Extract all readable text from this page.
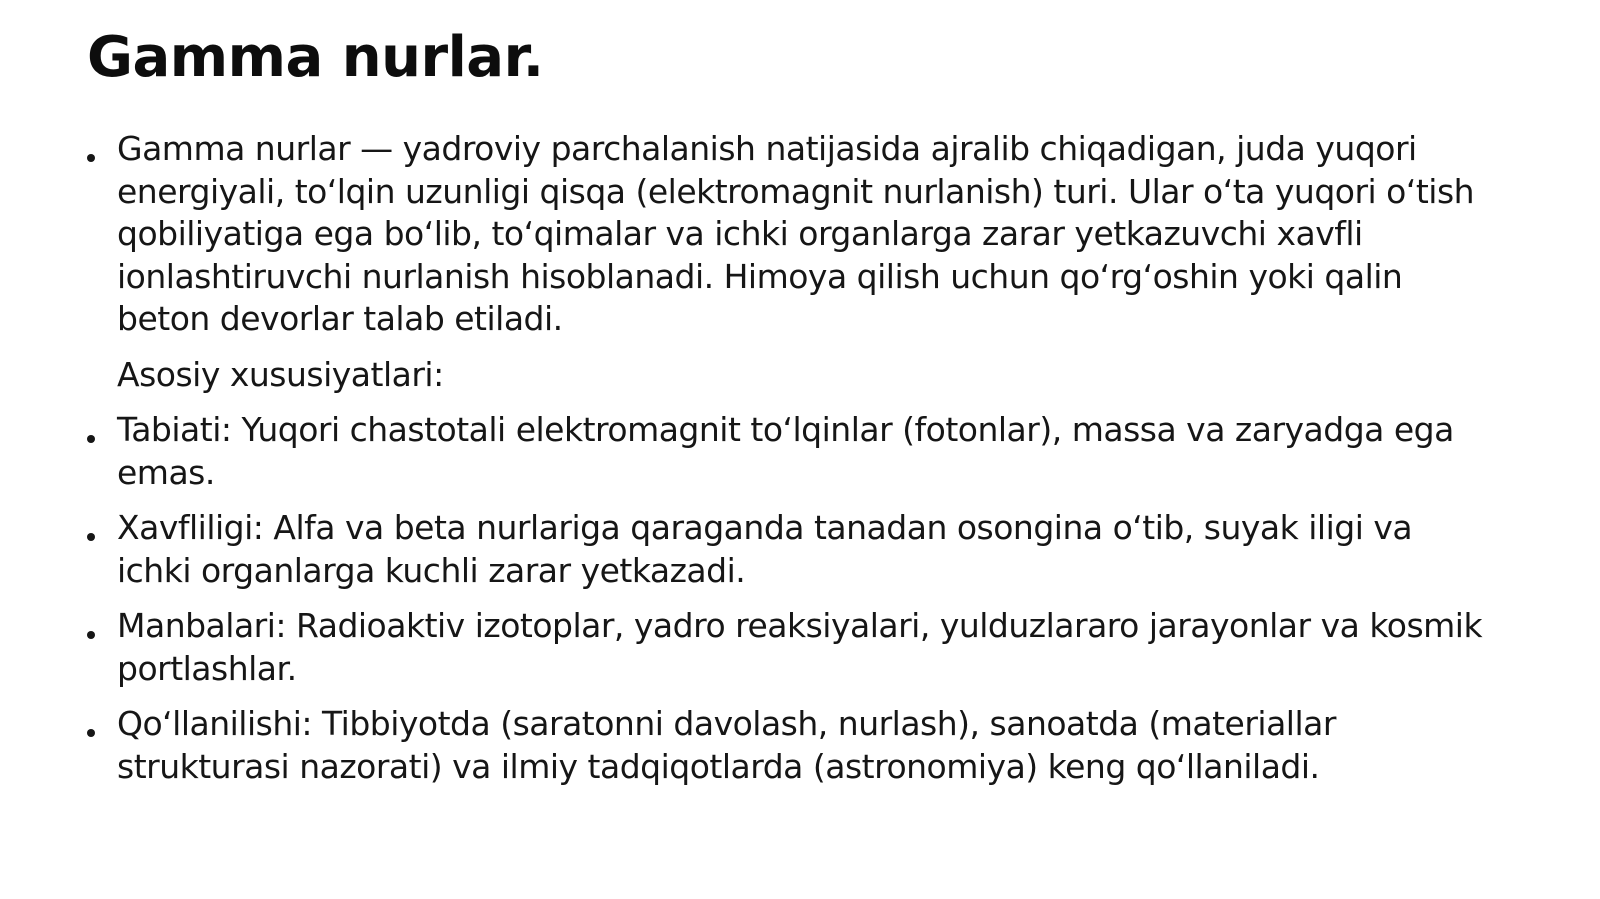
Gamma nurlar.
Gamma nurlar — yadroviy parchalanish natijasida ajralib chiqadigan, juda yuqori energiyali, toʻlqin uzunligi qisqa (elektromagnit nurlanish) turi. Ular oʻta yuqori oʻtish qobiliyatiga ega boʻlib, toʻqimalar va ichki organlarga zarar yetkazuvchi xavfli ionlashtiruvchi nurlanish hisoblanadi. Himoya qilish uchun qoʻrgʻoshin yoki qalin beton devorlar talab etiladi.
Asosiy xususiyatlari:
Tabiati: Yuqori chastotali elektromagnit toʻlqinlar (fotonlar), massa va zaryadga ega emas.
Xavfliligi: Alfa va beta nurlariga qaraganda tanadan osongina oʻtib, suyak iligi va ichki organlarga kuchli zarar yetkazadi.
Manbalari: Radioaktiv izotoplar, yadro reaksiyalari, yulduzlararo jarayonlar va kosmik portlashlar.
Qoʻllanilishi: Tibbiyotda (saratonni davolash, nurlash), sanoatda (materiallar strukturasi nazorati) va ilmiy tadqiqotlarda (astronomiya) keng qoʻllaniladi.
